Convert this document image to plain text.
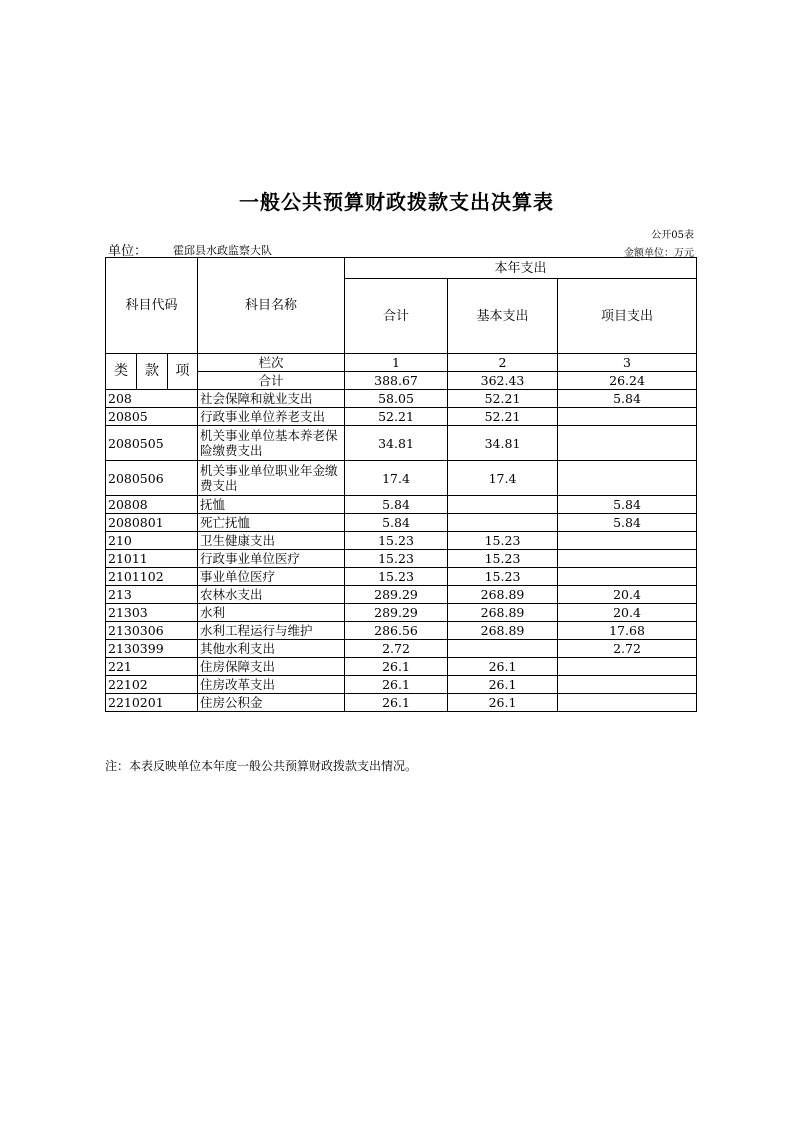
一般公共预算财政拨款支出决算表
公开05表
单位： 霍邱县水政监察大队	金额单位：万元
科目代码			科目名称	本年支出		
				合计	基本支出	项目支出
类	款	项	栏次	1	2	3
			合计	388.67	362.43	26.24
208			社会保障和就业支出	58.05	52.21	5.84
20805			行政事业单位养老支出	52.21	52.21	
2080505			机关事业单位基本养老保险缴费支出	34.81	34.81	
2080506			机关事业单位职业年金缴费支出	17.4	17.4	
20808			抚恤	5.84		5.84
2080801			死亡抚恤	5.84		5.84
210			卫生健康支出	15.23	15.23	
21011			行政事业单位医疗	15.23	15.23	
2101102			事业单位医疗	15.23	15.23	
213			农林水支出	289.29	268.89	20.4
21303			水利	289.29	268.89	20.4
2130306			水利工程运行与维护	286.56	268.89	17.68
2130399			其他水利支出	2.72		2.72
221			住房保障支出	26.1	26.1	
22102			住房改革支出	26.1	26.1	
2210201			住房公积金	26.1	26.1	
注：本表反映单位本年度一般公共预算财政拨款支出情况。
